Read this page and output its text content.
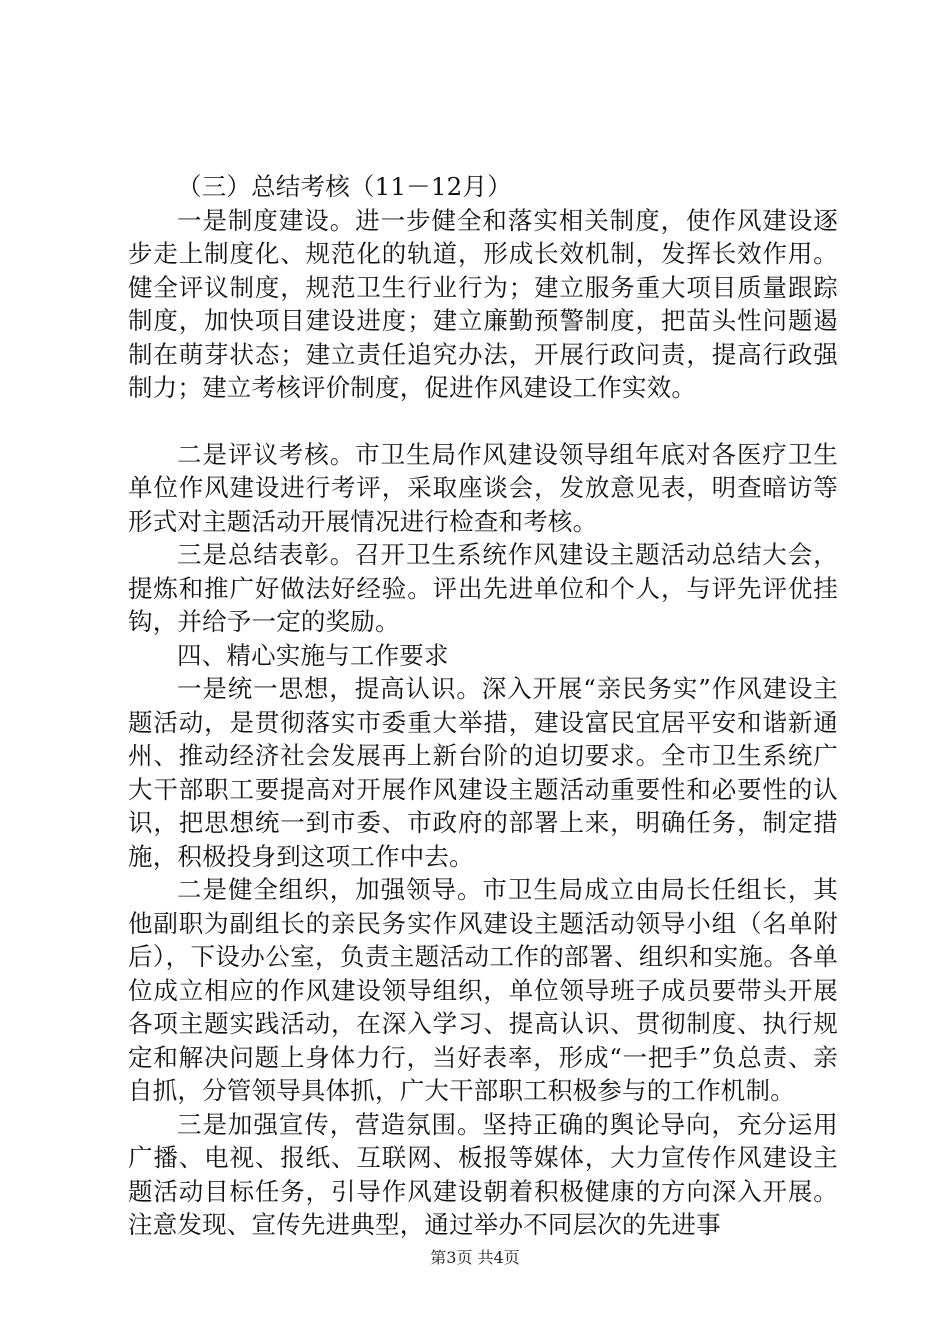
（三）总结考核（11－12月）

一是制度建设。进一步健全和落实相关制度，使作风建设逐步走上制度化、规范化的轨道，形成长效机制，发挥长效作用。健全评议制度，规范卫生行业行为；建立服务重大项目质量跟踪制度，加快项目建设进度；建立廉勤预警制度，把苗头性问题遏制在萌芽状态；建立责任追究办法，开展行政问责，提高行政强制力；建立考核评价制度，促进作风建设工作实效。

二是评议考核。市卫生局作风建设领导组年底对各医疗卫生单位作风建设进行考评，采取座谈会，发放意见表，明查暗访等形式对主题活动开展情况进行检查和考核。

三是总结表彰。召开卫生系统作风建设主题活动总结大会，提炼和推广好做法好经验。评出先进单位和个人，与评先评优挂钩，并给予一定的奖励。

四、精心实施与工作要求

一是统一思想，提高认识。深入开展“亲民务实”作风建设主题活动，是贯彻落实市委重大举措，建设富民宜居平安和谐新通州、推动经济社会发展再上新台阶的迫切要求。全市卫生系统广大干部职工要提高对开展作风建设主题活动重要性和必要性的认识，把思想统一到市委、市政府的部署上来，明确任务，制定措施，积极投身到这项工作中去。

二是健全组织，加强领导。市卫生局成立由局长任组长，其他副职为副组长的亲民务实作风建设主题活动领导小组（名单附后），下设办公室，负责主题活动工作的部署、组织和实施。各单位成立相应的作风建设领导组织，单位领导班子成员要带头开展各项主题实践活动，在深入学习、提高认识、贯彻制度、执行规定和解决问题上身体力行，当好表率，形成“一把手”负总责、亲自抓，分管领导具体抓，广大干部职工积极参与的工作机制。

三是加强宣传，营造氛围。坚持正确的舆论导向，充分运用广播、电视、报纸、互联网、板报等媒体，大力宣传作风建设主题活动目标任务，引导作风建设朝着积极健康的方向深入开展。注意发现、宣传先进典型，通过举办不同层次的先进事

第3页 共4页
